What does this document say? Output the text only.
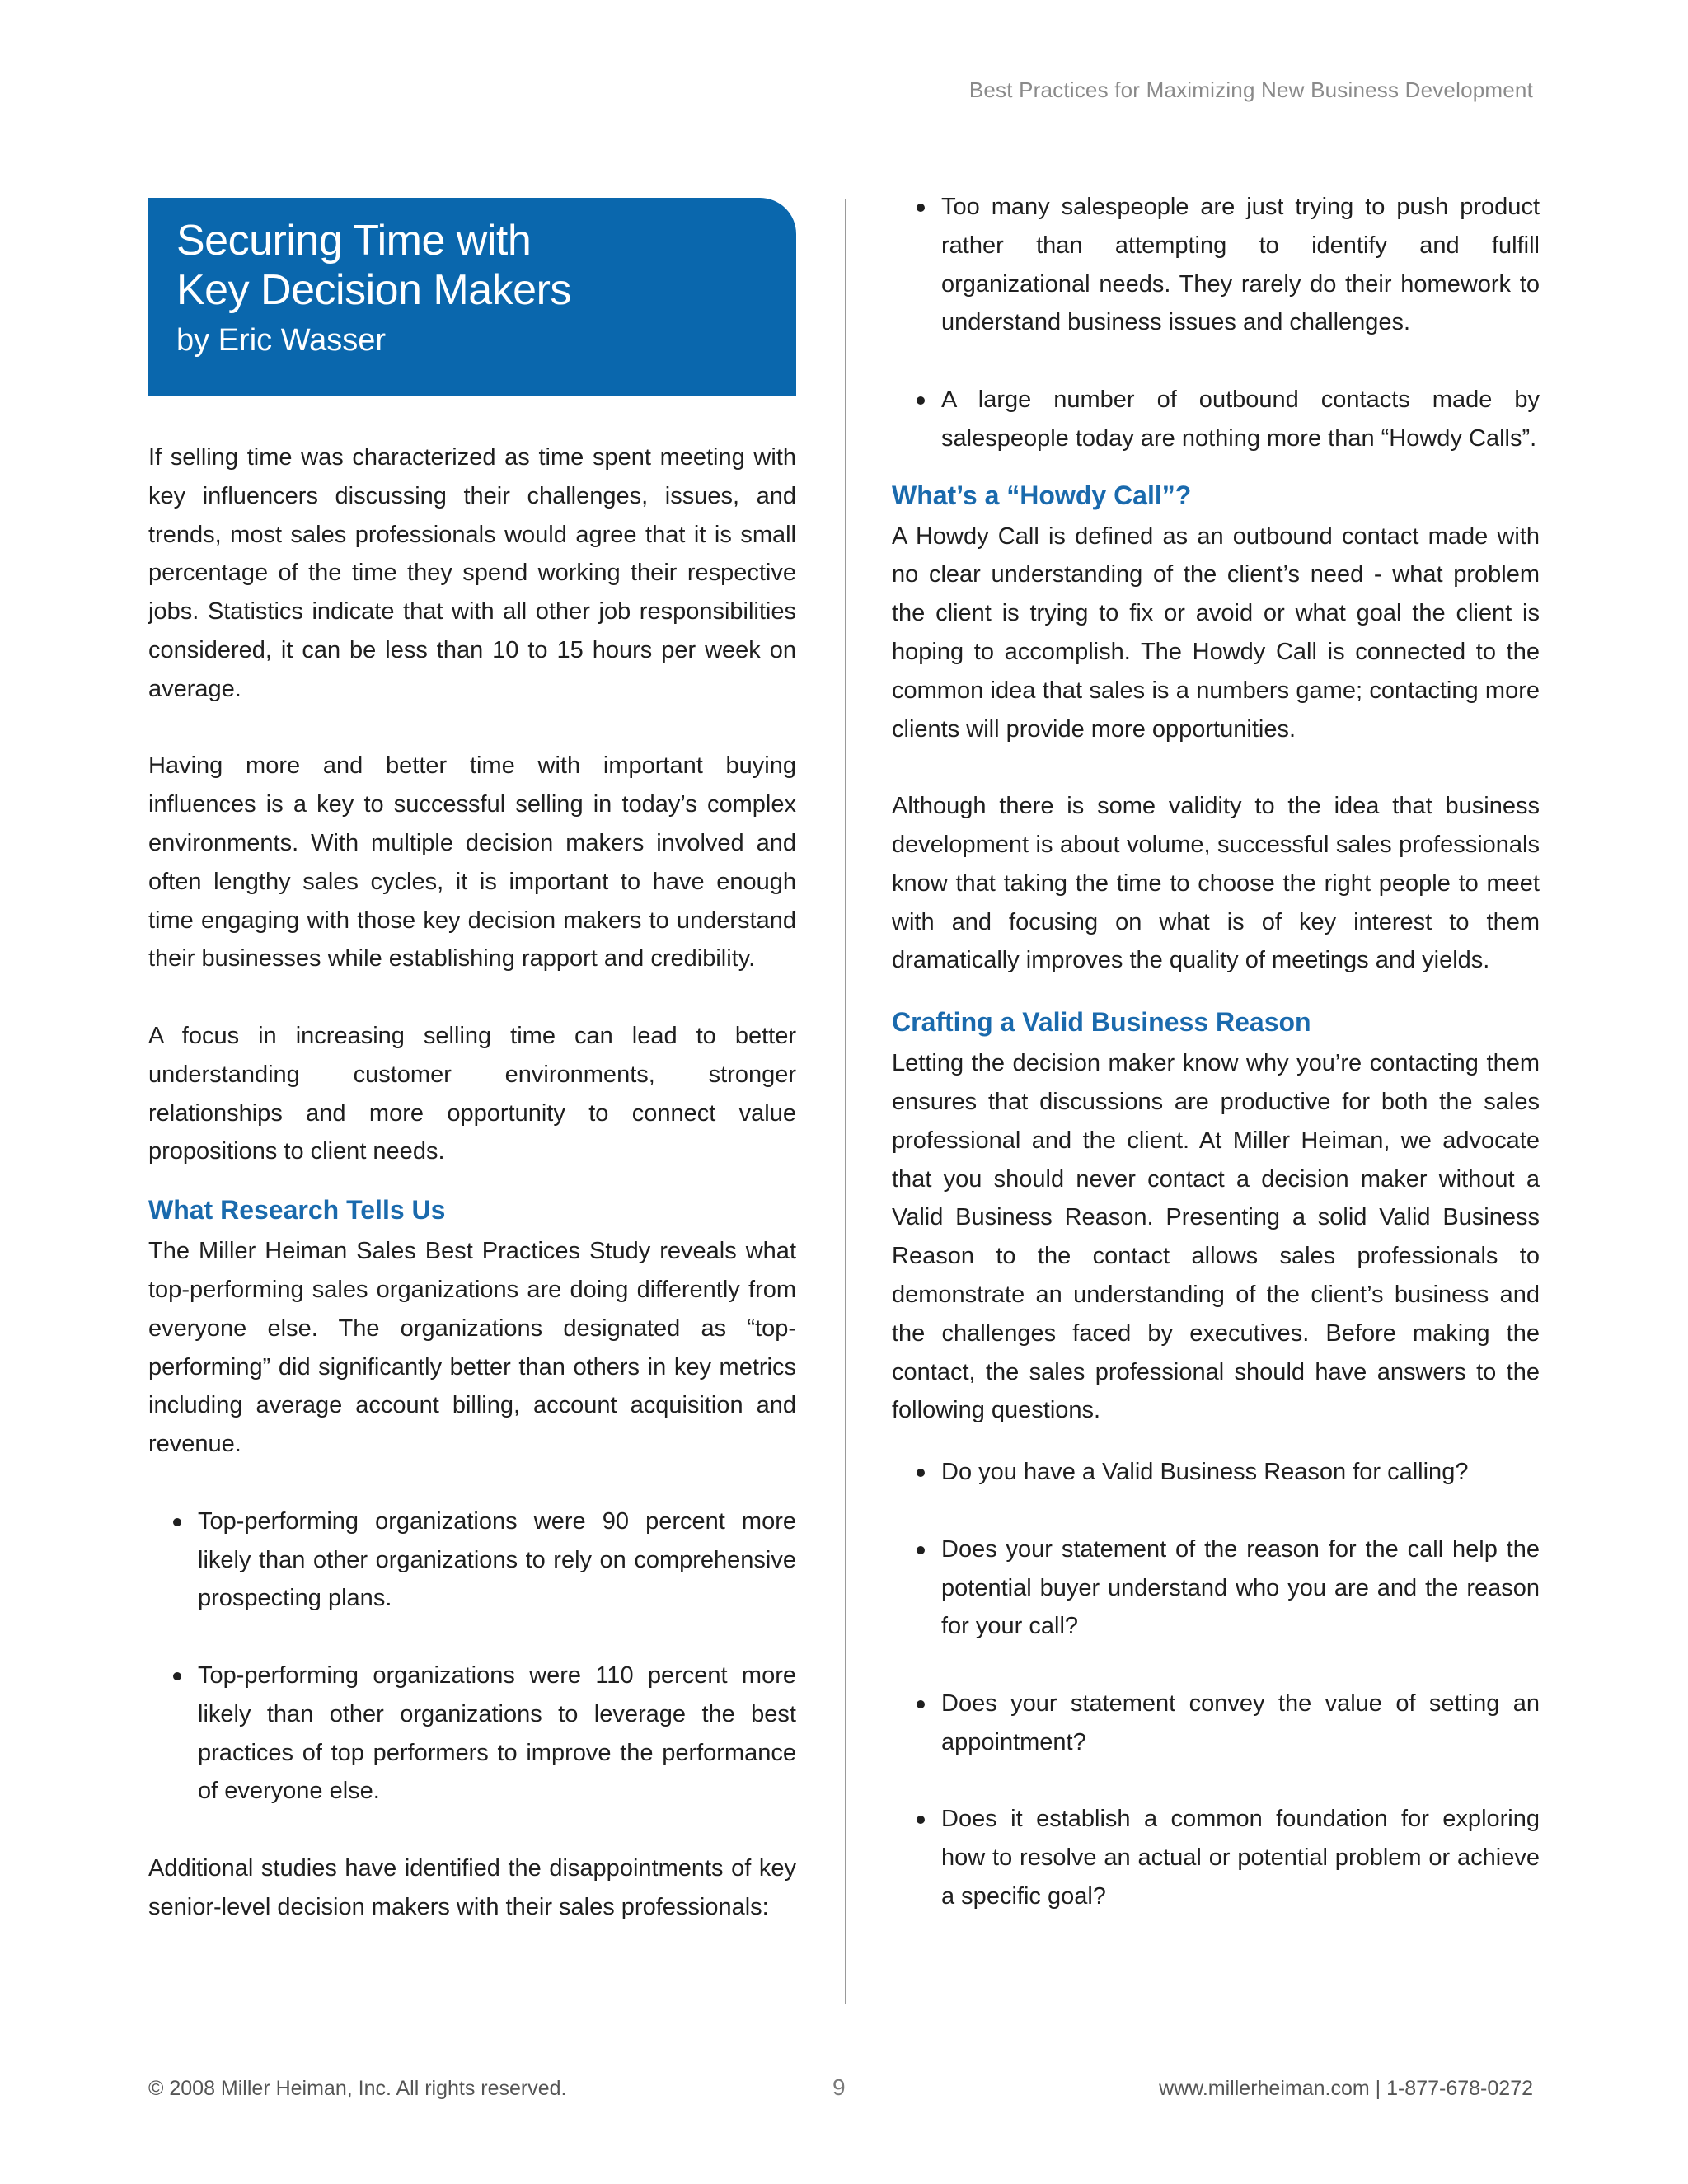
Best Practices for Maximizing New Business Development
Securing Time with
Key Decision Makers
by Eric Wasser

If selling time was characterized as time spent meeting with key influencers discussing their challenges, issues, and trends, most sales professionals would agree that it is small percentage of the time they spend working their respective jobs. Statistics indicate that with all other job responsibilities considered, it can be less than 10 to 15 hours per week on average.

Having more and better time with important buying influences is a key to successful selling in today’s complex environments. With multiple decision makers involved and often lengthy sales cycles, it is important to have enough time engaging with those key decision makers to understand their businesses while establishing rapport and credibility.

A focus in increasing selling time can lead to better understanding customer environments, stronger relationships and more opportunity to connect value propositions to client needs.

What Research Tells Us

The Miller Heiman Sales Best Practices Study reveals what top-performing sales organizations are doing differently from everyone else. The organizations designated as “top-performing” did significantly better than others in key metrics including average account billing, account acquisition and revenue.

Top-performing organizations were 90 percent more likely than other organizations to rely on comprehensive prospecting plans.
Top-performing organizations were 110 percent more likely than other organizations to leverage the best practices of top performers to improve the performance of everyone else.

Additional studies have identified the disappointments of key senior-level decision makers with their sales professionals:

Too many salespeople are just trying to push product rather than attempting to identify and fulfill organizational needs. They rarely do their homework to understand business issues and challenges.
A large number of outbound contacts made by salespeople today are nothing more than “Howdy Calls”.
What’s a “Howdy Call”?

A Howdy Call is defined as an outbound contact made with no clear understanding of the client’s need - what problem the client is trying to fix or avoid or what goal the client is hoping to accomplish. The Howdy Call is connected to the common idea that sales is a numbers game; contacting more clients will provide more opportunities.

Although there is some validity to the idea that business development is about volume, successful sales professionals know that taking the time to choose the right people to meet with and focusing on what is of key interest to them dramatically improves the quality of meetings and yields.

Crafting a Valid Business Reason

Letting the decision maker know why you’re contacting them ensures that discussions are productive for both the sales professional and the client. At Miller Heiman, we advocate that you should never contact a decision maker without a Valid Business Reason. Presenting a solid Valid Business Reason to the contact allows sales professionals to demonstrate an understanding of the client’s business and the challenges faced by executives. Before making the contact, the sales professional should have answers to the following questions.

Do you have a Valid Business Reason for calling?
Does your statement of the reason for the call help the potential buyer understand who you are and the reason for your call?
Does your statement convey the value of setting an appointment?
Does it establish a common foundation for exploring how to resolve an actual or potential problem or achieve a specific goal?
© 2008 Miller Heiman, Inc. All rights reserved.	9	www.millerheiman.com | 1-877-678-0272
